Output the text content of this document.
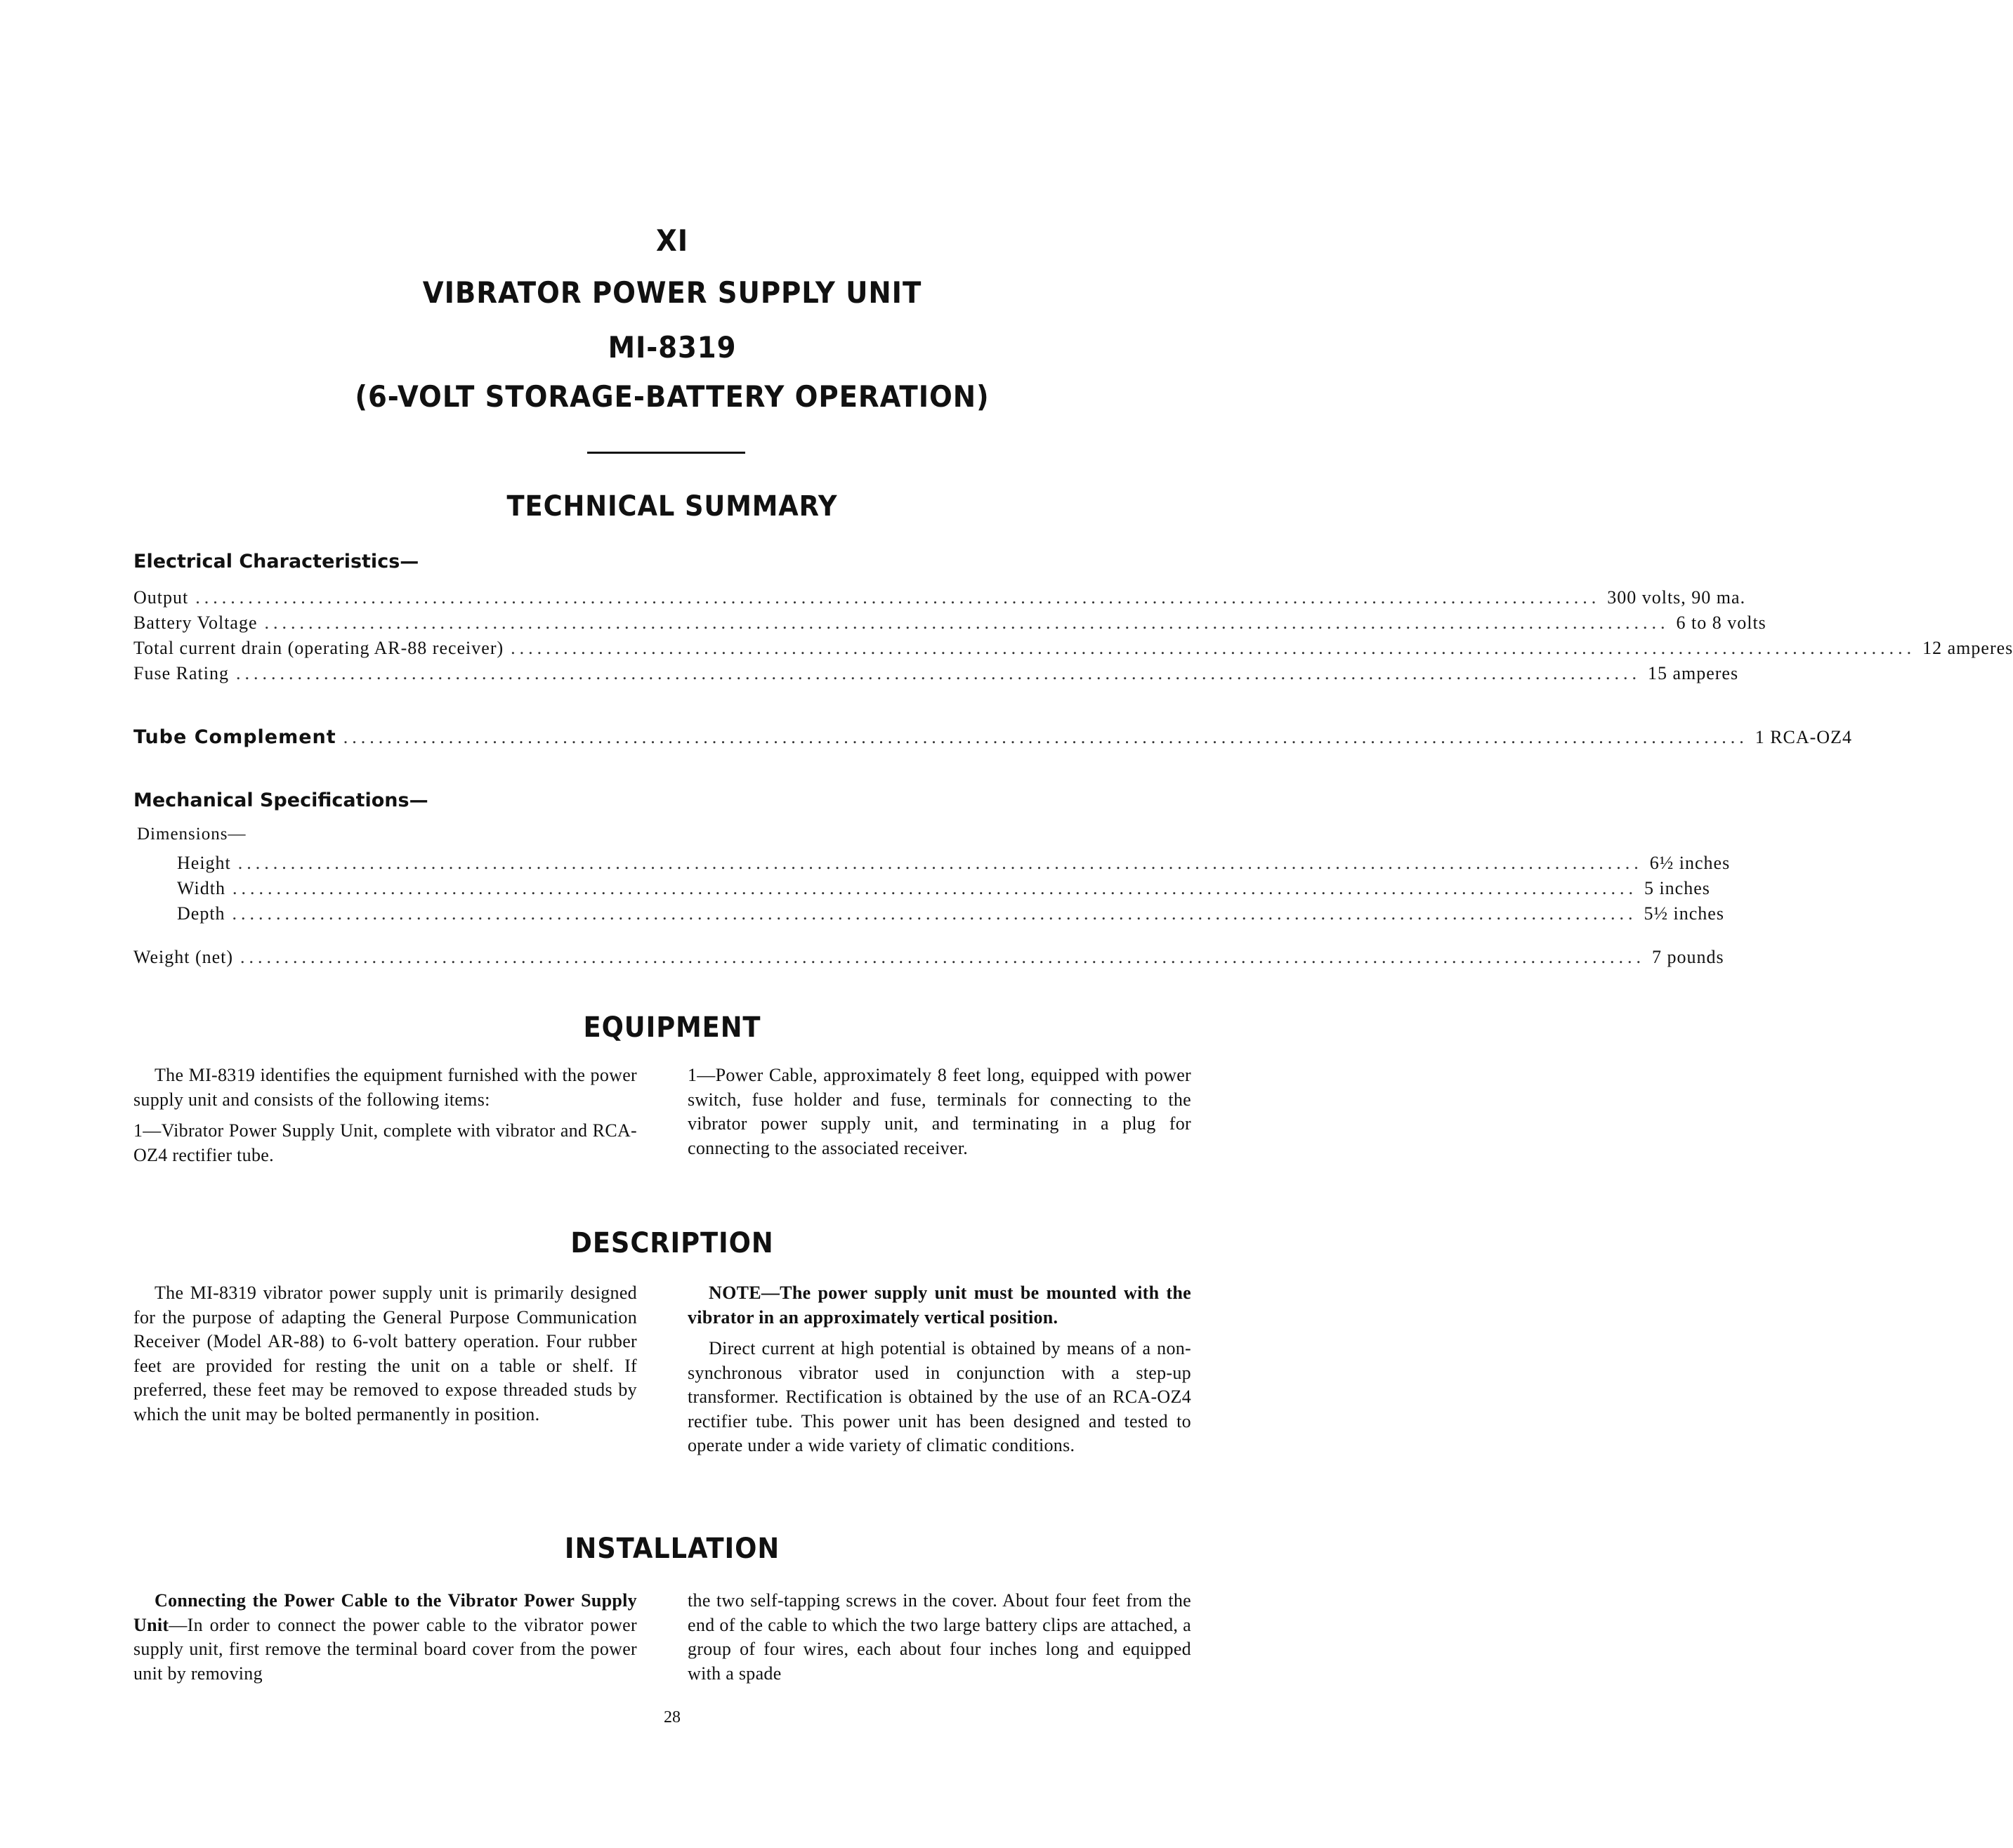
XI
VIBRATOR POWER SUPPLY UNIT
MI-8319
(6-VOLT STORAGE-BATTERY OPERATION)
TECHNICAL SUMMARY
Electrical Characteristics—
Output ................................................................................................................................................................ 300 volts, 90 ma.
Battery Voltage ................................................................................................................................................................ 6 to 8 volts
Total current drain (operating AR-88 receiver) ................................................................................................................................................................ 12 amperes
Fuse Rating ................................................................................................................................................................ 15 amperes
Tube Complement ................................................................................................................................................................ 1 RCA-OZ4
Mechanical Specifications—
Dimensions—
Height ................................................................................................................................................................ 6½ inches
Width ................................................................................................................................................................ 5 inches
Depth ................................................................................................................................................................ 5½ inches
Weight (net) ................................................................................................................................................................ 7 pounds
EQUIPMENT

The MI-8319 identifies the equipment furnished with the power supply unit and consists of the following items:

1—Vibrator Power Supply Unit, complete with vibrator and RCA-OZ4 rectifier tube.

1—Power Cable, approximately 8 feet long, equipped with power switch, fuse holder and fuse, terminals for connecting to the vibrator power supply unit, and terminating in a plug for connecting to the associated receiver.

DESCRIPTION

The MI-8319 vibrator power supply unit is primarily designed for the purpose of adapting the General Purpose Communication Receiver (Model AR-88) to 6-volt battery operation. Four rubber feet are provided for resting the unit on a table or shelf. If preferred, these feet may be removed to expose threaded studs by which the unit may be bolted permanently in position.

NOTE—The power supply unit must be mounted with the vibrator in an approximately vertical position.

Direct current at high potential is obtained by means of a non-synchronous vibrator used in conjunction with a step-up transformer. Rectification is obtained by the use of an RCA-OZ4 rectifier tube. This power unit has been designed and tested to operate under a wide variety of climatic conditions.

INSTALLATION

Connecting the Power Cable to the Vibrator Power Supply Unit—In order to connect the power cable to the vibrator power supply unit, first remove the terminal board cover from the power unit by removing

the two self-tapping screws in the cover. About four feet from the end of the cable to which the two large battery clips are attached, a group of four wires, each about four inches long and equipped with a spade

28
